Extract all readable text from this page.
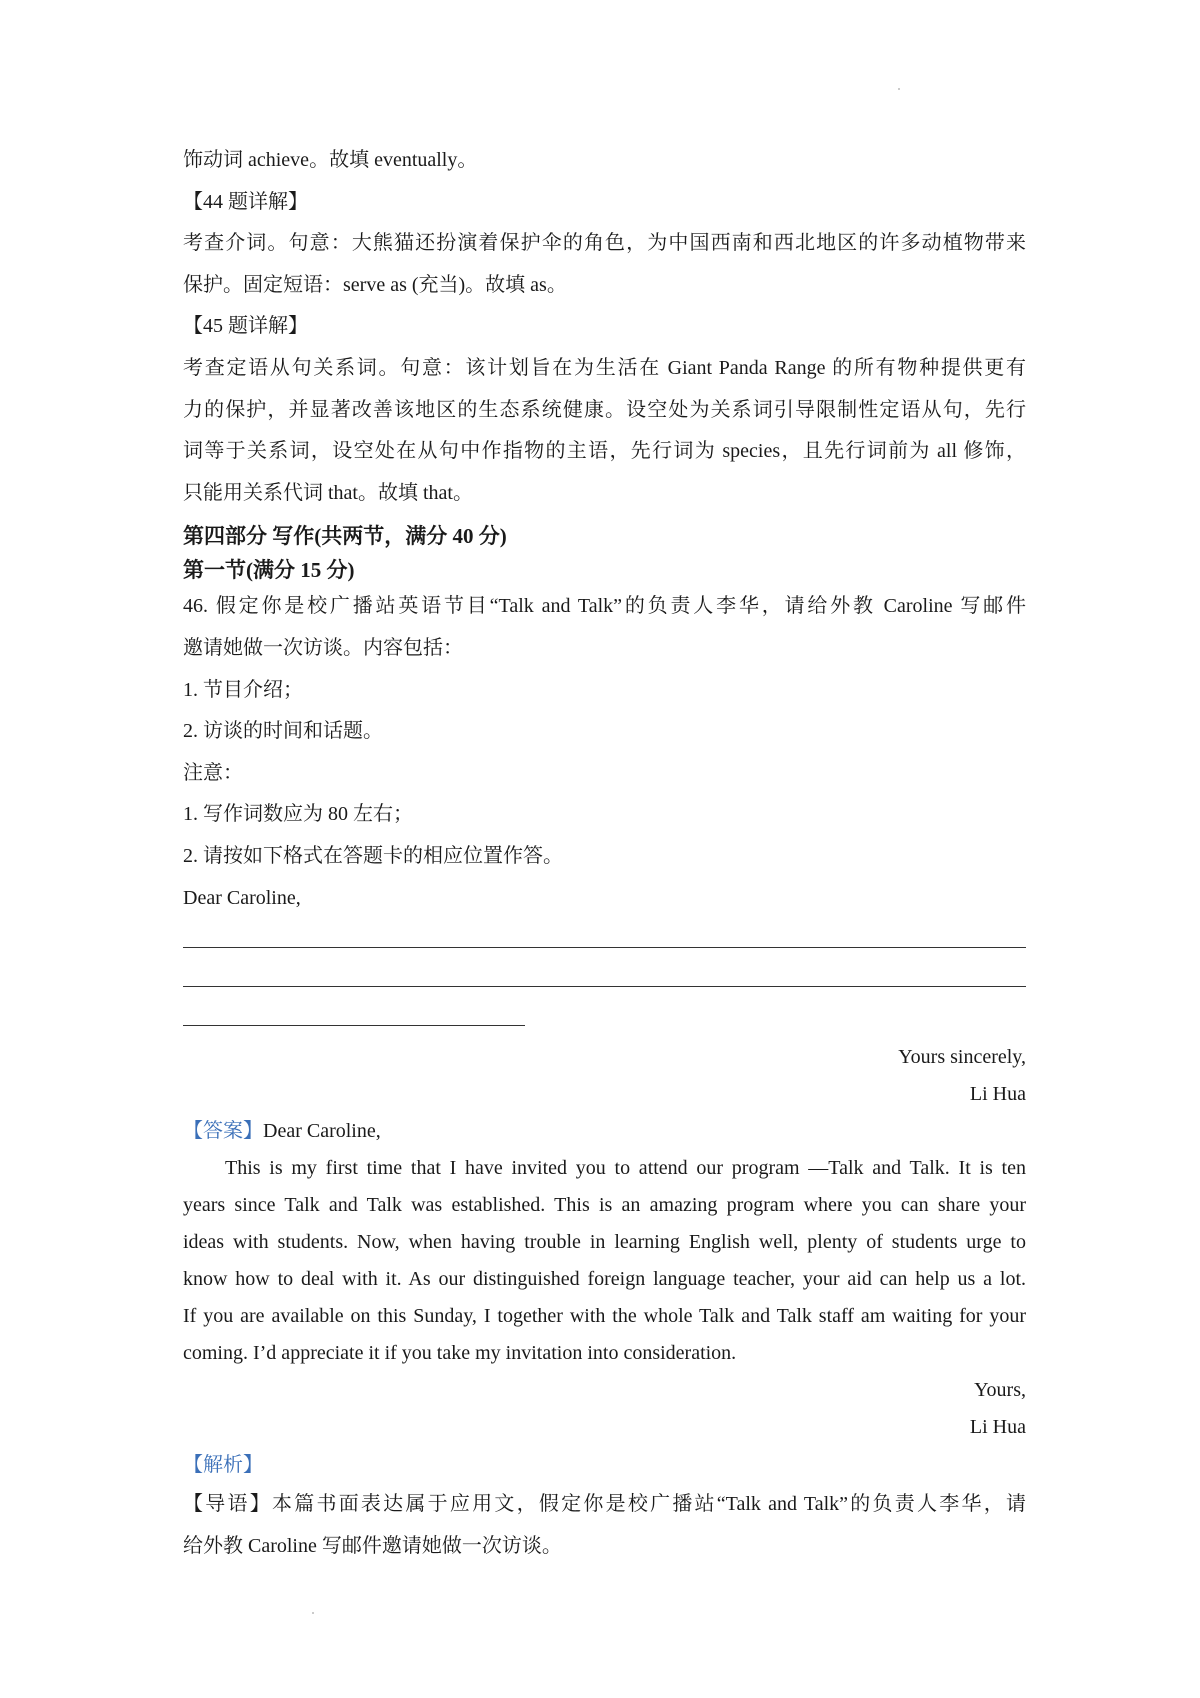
饰动词 achieve。故填 eventually。
【44 题详解】
考查介词。句意：大熊猫还扮演着保护伞的角色，为中国西南和西北地区的许多动植物带来
保护。固定短语：serve as (充当)。故填 as。
【45 题详解】
考查定语从句关系词。句意：该计划旨在为生活在 Giant Panda Range 的所有物种提供更有
力的保护，并显著改善该地区的生态系统健康。设空处为关系词引导限制性定语从句，先行
词等于关系词，设空处在从句中作指物的主语，先行词为 species，且先行词前为 all 修饰，
只能用关系代词 that。故填 that。
第四部分 写作(共两节，满分 40 分)
第一节(满分 15 分)
46. 假定你是校广播站英语节目“Talk and Talk”的负责人李华，请给外教 Caroline 写邮件
邀请她做一次访谈。内容包括：
1. 节目介绍；
2. 访谈的时间和话题。
注意：
1. 写作词数应为 80 左右；
2. 请按如下格式在答题卡的相应位置作答。
Dear Caroline,
Yours sincerely,
Li Hua
【答案】Dear Caroline,
This is my first time that I have invited you to attend our program —Talk and Talk. It is ten
years since Talk and Talk was established. This is an amazing program where you can share your
ideas with students. Now, when having trouble in learning English well, plenty of students urge to
know how to deal with it. As our distinguished foreign language teacher, your aid can help us a lot.
If you are available on this Sunday, I together with the whole Talk and Talk staff am waiting for your
coming. I’d appreciate it if you take my invitation into consideration.
Yours,
Li Hua
【解析】
【导语】本篇书面表达属于应用文，假定你是校广播站“Talk and Talk”的负责人李华，请
给外教 Caroline 写邮件邀请她做一次访谈。
